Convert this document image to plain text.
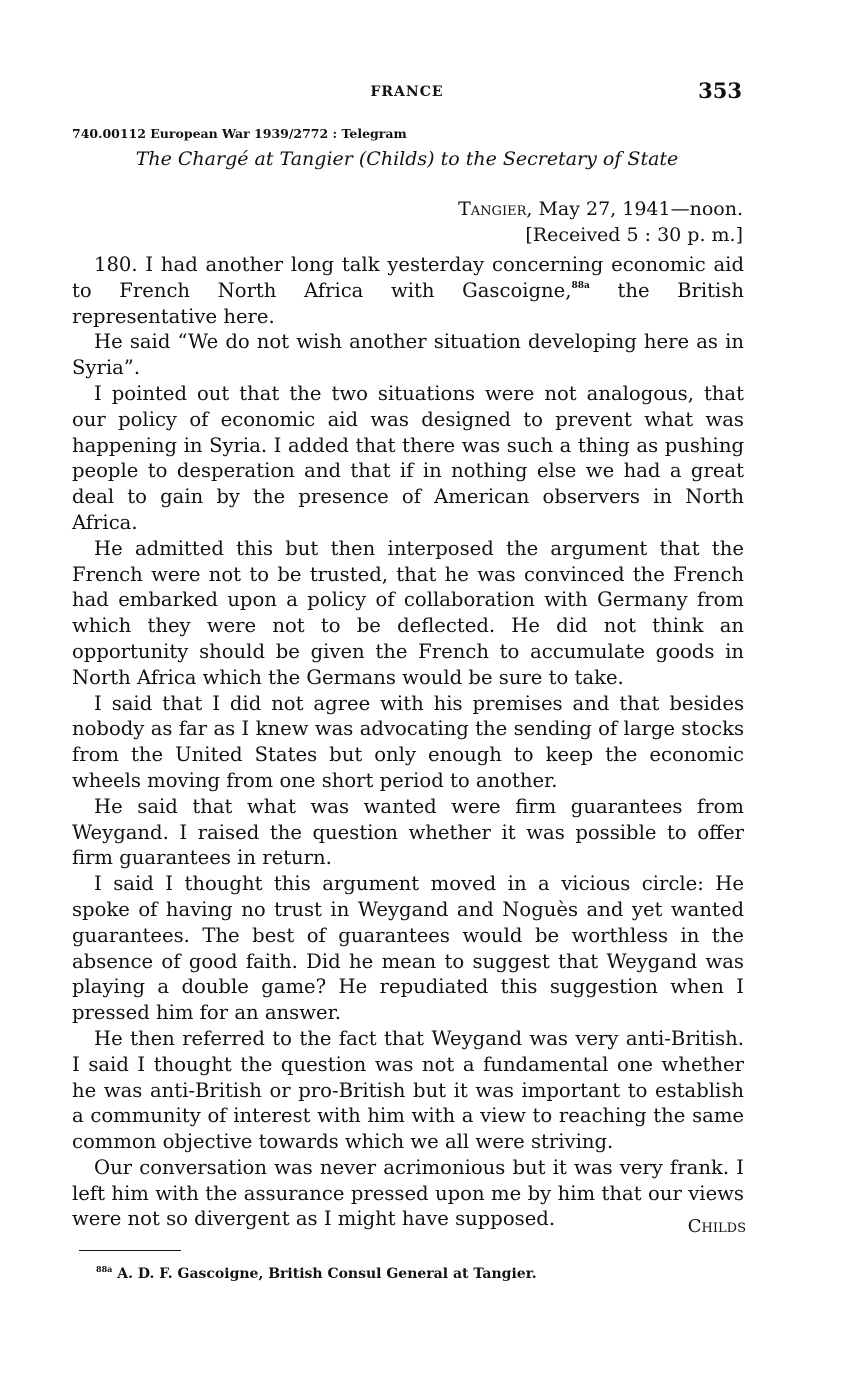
FRANCE	353
740.00112 European War 1939/2772 : Telegram
The Chargé at Tangier (Childs) to the Secretary of State
Tangier, May 27, 1941—noon.
[Received 5 : 30 p. m.]

180. I had another long talk yesterday concerning economic aid to French North Africa with Gascoigne,$^{88a}$ the British representative here.

He said “We do not wish another situation developing here as in Syria”.

I pointed out that the two situations were not analogous, that our policy of economic aid was designed to prevent what was happening in Syria. I added that there was such a thing as pushing people to desperation and that if in nothing else we had a great deal to gain by the presence of American observers in North Africa.

He admitted this but then interposed the argument that the French were not to be trusted, that he was convinced the French had embarked upon a policy of collaboration with Germany from which they were not to be deflected. He did not think an opportunity should be given the French to accumulate goods in North Africa which the Germans would be sure to take.

I said that I did not agree with his premises and that besides nobody as far as I knew was advocating the sending of large stocks from the United States but only enough to keep the economic wheels moving from one short period to another.

He said that what was wanted were firm guarantees from Weygand. I raised the question whether it was possible to offer firm guarantees in return.

I said I thought this argument moved in a vicious circle: He spoke of having no trust in Weygand and Noguès and yet wanted guarantees. The best of guarantees would be worthless in the absence of good faith. Did he mean to suggest that Weygand was playing a double game? He repudiated this suggestion when I pressed him for an answer.

He then referred to the fact that Weygand was very anti-British. I said I thought the question was not a fundamental one whether he was anti-British or pro-British but it was important to establish a community of interest with him with a view to reaching the same common objective towards which we all were striving.

Our conversation was never acrimonious but it was very frank. I left him with the assurance pressed upon me by him that our views were not so divergent as I might have supposed.	Childs
$^{88a}$ A. D. F. Gascoigne, British Consul General at Tangier.
